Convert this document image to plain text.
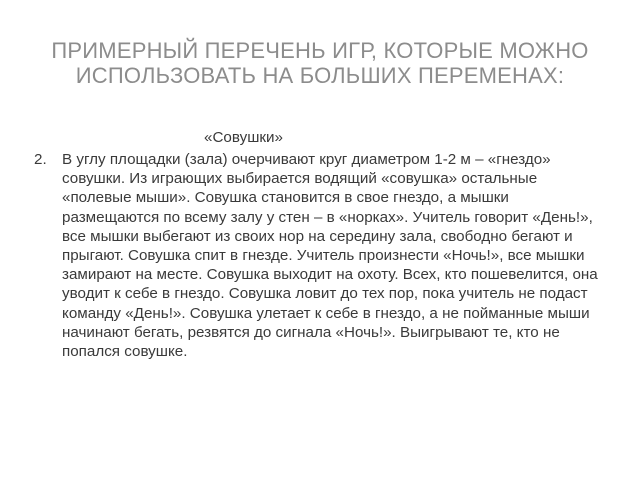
ПРИМЕРНЫЙ ПЕРЕЧЕНЬ ИГР, КОТОРЫЕ МОЖНО
ИСПОЛЬЗОВАТЬ НА БОЛЬШИХ ПЕРЕМЕНАХ:

«Совушки»

2. В углу площадки (зала) очерчивают круг диаметром 1-2 м – «гнездо» совушки. Из играющих выбирается водящий «совушка» остальные «полевые мыши». Совушка становится в свое гнездо, а мышки размещаются по всему залу у стен – в «норках». Учитель говорит «День!», все мышки выбегают из своих нор на середину зала, свободно бегают и прыгают. Совушка спит в гнезде. Учитель произнести «Ночь!», все мышки замирают на месте. Совушка выходит на охоту. Всех, кто пошевелится, она уводит к себе в гнездо. Совушка ловит до тех пор, пока учитель не подаст команду «День!». Совушка улетает к себе в гнездо, а не пойманные мыши начинают бегать, резвятся до сигнала «Ночь!». Выигрывают те, кто не попался совушке.
